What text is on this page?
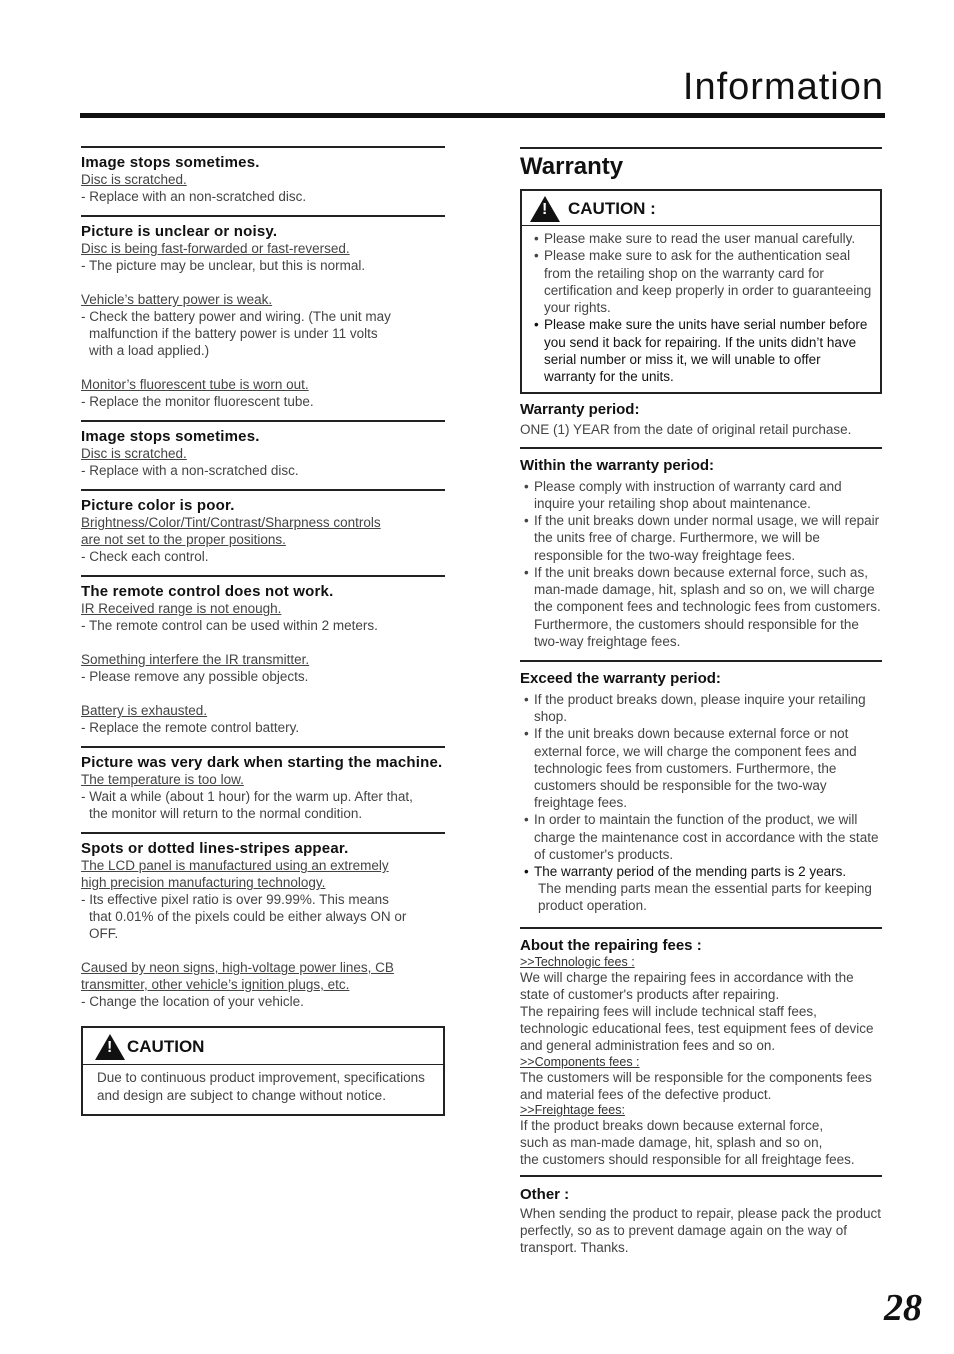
Information
Image stops sometimes.
Disc is scratched.
- Replace with an non-scratched disc.
Picture is unclear or noisy.
Disc is being fast-forwarded or fast-reversed.
- The picture may be unclear, but this is normal.
Vehicle’s battery power is weak.
- Check the battery power and wiring. (The unit may
malfunction if the battery power is under 11 volts
with a load applied.)
Monitor’s fluorescent tube is worn out.
- Replace the monitor fluorescent tube.
Image stops sometimes.
Disc is scratched.
- Replace with a non-scratched disc.
Picture color is poor.
Brightness/Color/Tint/Contrast/Sharpness controls
are not set to the proper positions.
- Check each control.
The remote control does not work.
IR Received range is not enough.
- The remote control can be used within 2 meters.
Something interfere the IR transmitter.
- Please remove any possible objects.
Battery is exhausted.
- Replace the remote control battery.
Picture was very dark when starting the machine.
The temperature is too low.
- Wait a while (about 1 hour) for the warm up. After that,
the monitor will return to the normal condition.
Spots or dotted lines-stripes appear.
The LCD panel is manufactured using an extremely
high precision manufacturing technology.
- Its effective pixel ratio is over 99.99%. This means
that 0.01% of the pixels could be either always ON or
OFF.
Caused by neon signs, high-voltage power lines, CB
transmitter, other vehicle’s ignition plugs, etc.
- Change the location of your vehicle.
! CAUTION
Due to continuous product improvement, specifications and design are subject to change without notice.
Warranty
! CAUTION :
• Please make sure to read the user manual carefully.
• Please make sure to ask for the authentication seal from the retailing shop on the warranty card for certification and keep properly in order to guaranteeing your rights.
• Please make sure the units have serial number before you send it back for repairing. If the units didn’t have serial number or miss it, we will unable to offer warranty for the units.
Warranty period:
ONE (1) YEAR from the date of original retail purchase.
Within the warranty period:
• Please comply with instruction of warranty card and inquire your retailing shop about maintenance.
• If the unit breaks down under normal usage, we will repair the units free of charge. Furthermore, we will be responsible for the two-way freightage fees.
• If the unit breaks down because external force, such as, man-made damage, hit, splash and so on, we will charge the component fees and technologic fees from customers. Furthermore, the customers should responsible for the two-way freightage fees.
Exceed the warranty period:
• If the product breaks down, please inquire your retailing shop.
• If the unit breaks down because external force or not external force, we will charge the component fees and technologic fees from customers. Furthermore, the customers should be responsible for the two-way freightage fees.
• In order to maintain the function of the product, we will charge the maintenance cost in accordance with the state of customer's products.
• The warranty period of the mending parts is 2 years.
The mending parts mean the essential parts for keeping product operation.
About the repairing fees :
>>Technologic fees :
We will charge the repairing fees in accordance with the state of customer's products after repairing.
The repairing fees will include technical staff fees, technologic educational fees, test equipment fees of device and general administration fees and so on.
>>Components fees :
The customers will be responsible for the components fees and material fees of the defective product.
>>Freightage fees:
If the product breaks down because external force,
such as man-made damage, hit, splash and so on,
the customers should responsible for all freightage fees.
Other :
When sending the product to repair, please pack the product perfectly, so as to prevent damage again on the way of transport. Thanks.
28
